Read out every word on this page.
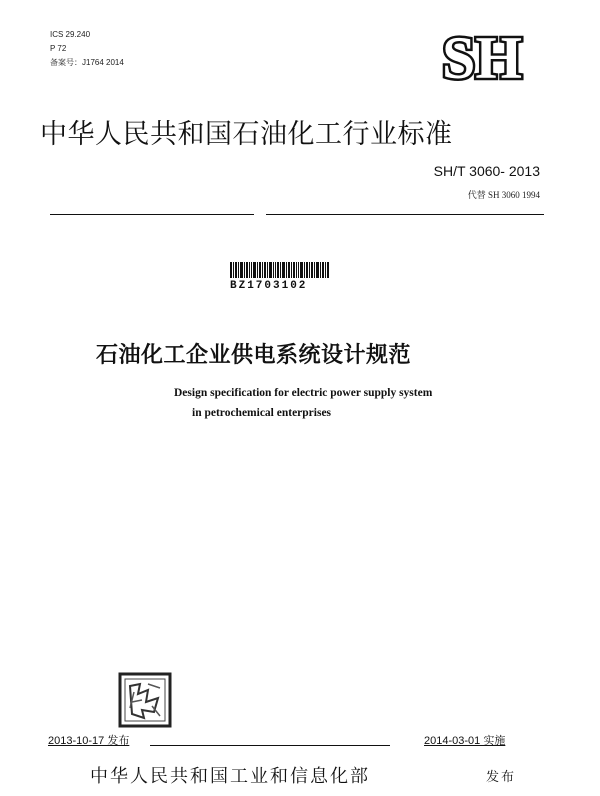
ICS 29.240
P 72
备案号：J1764 2014	SH
中华人民共和国石油化工行业标准
SH/T 3060- 2013
代替 SH 3060 1994
BZ1703102
石油化工企业供电系统设计规范
Design specification for electric power supply system
in petrochemical enterprises
2013-10-17 发布	2014-03-01 实施
中华人民共和国工业和信息化部	发布
